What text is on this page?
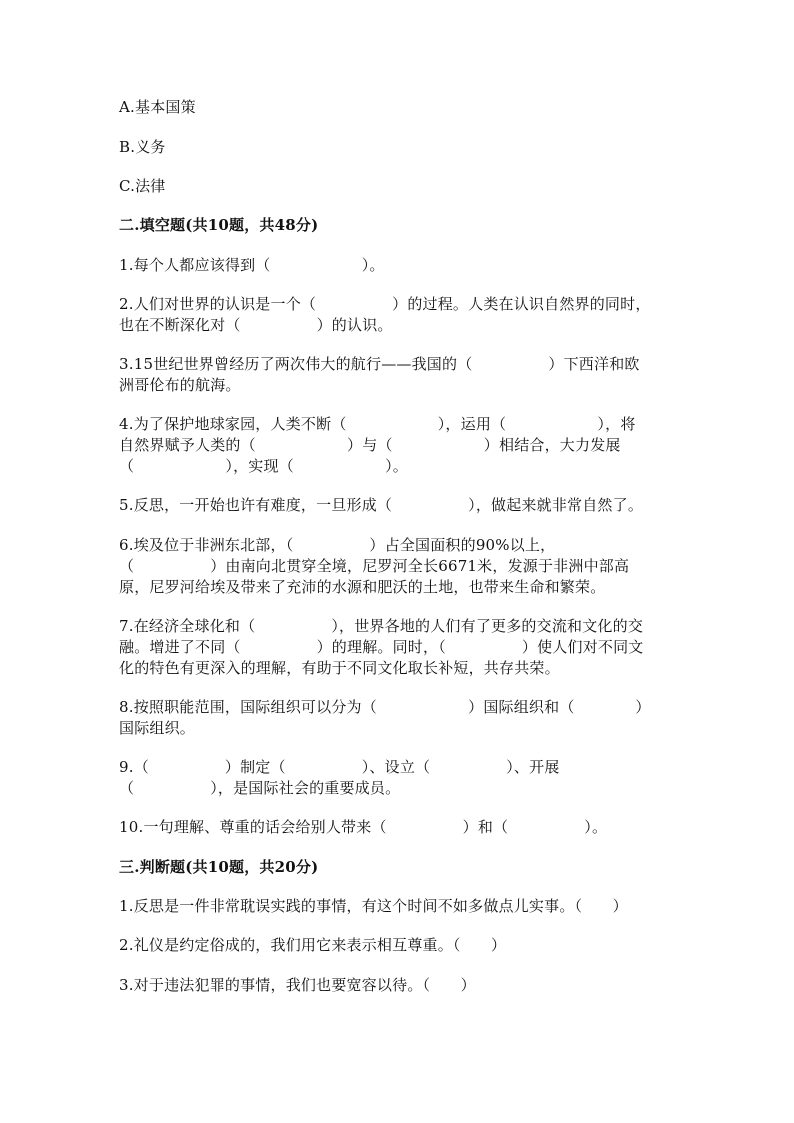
A.基本国策
B.义务
C.法律
二.填空题(共10题，共48分)
1.每个人都应该得到（　　　　　　）。
2.人们对世界的认识是一个（　　　　　）的过程。人类在认识自然界的同时，
也在不断深化对（　　　　　）的认识。
3.15世纪世界曾经历了两次伟大的航行——我国的（　　　　　）下西洋和欧
洲哥伦布的航海。
4.为了保护地球家园，人类不断（　　　　　　），运用（　　　　　　），将
自然界赋予人类的（　　　　　　）与（　　　　　　）相结合，大力发展
（　　　　　　），实现（　　　　　　）。
5.反思，一开始也许有难度，一旦形成（　　　　　），做起来就非常自然了。
6.埃及位于非洲东北部，（　　　　　）占全国面积的90%以上，
（　　　　　）由南向北贯穿全境，尼罗河全长6671米，发源于非洲中部高
原，尼罗河给埃及带来了充沛的水源和肥沃的土地，也带来生命和繁荣。
7.在经济全球化和（　　　　　），世界各地的人们有了更多的交流和文化的交
融。增进了不同（　　　　　）的理解。同时，（　　　　　）使人们对不同文
化的特色有更深入的理解，有助于不同文化取长补短，共存共荣。
8.按照职能范围，国际组织可以分为（　　　　　　）国际组织和（　　　　）
国际组织。
9.（　　　　　）制定（　　　　　）、设立（　　　　　）、开展
（　　　　　），是国际社会的重要成员。
10.一句理解、尊重的话会给别人带来（　　　　　）和（　　　　　）。
三.判断题(共10题，共20分)
1.反思是一件非常耽误实践的事情，有这个时间不如多做点儿实事。（　　）
2.礼仪是约定俗成的，我们用它来表示相互尊重。（　　）
3.对于违法犯罪的事情，我们也要宽容以待。（　　）
